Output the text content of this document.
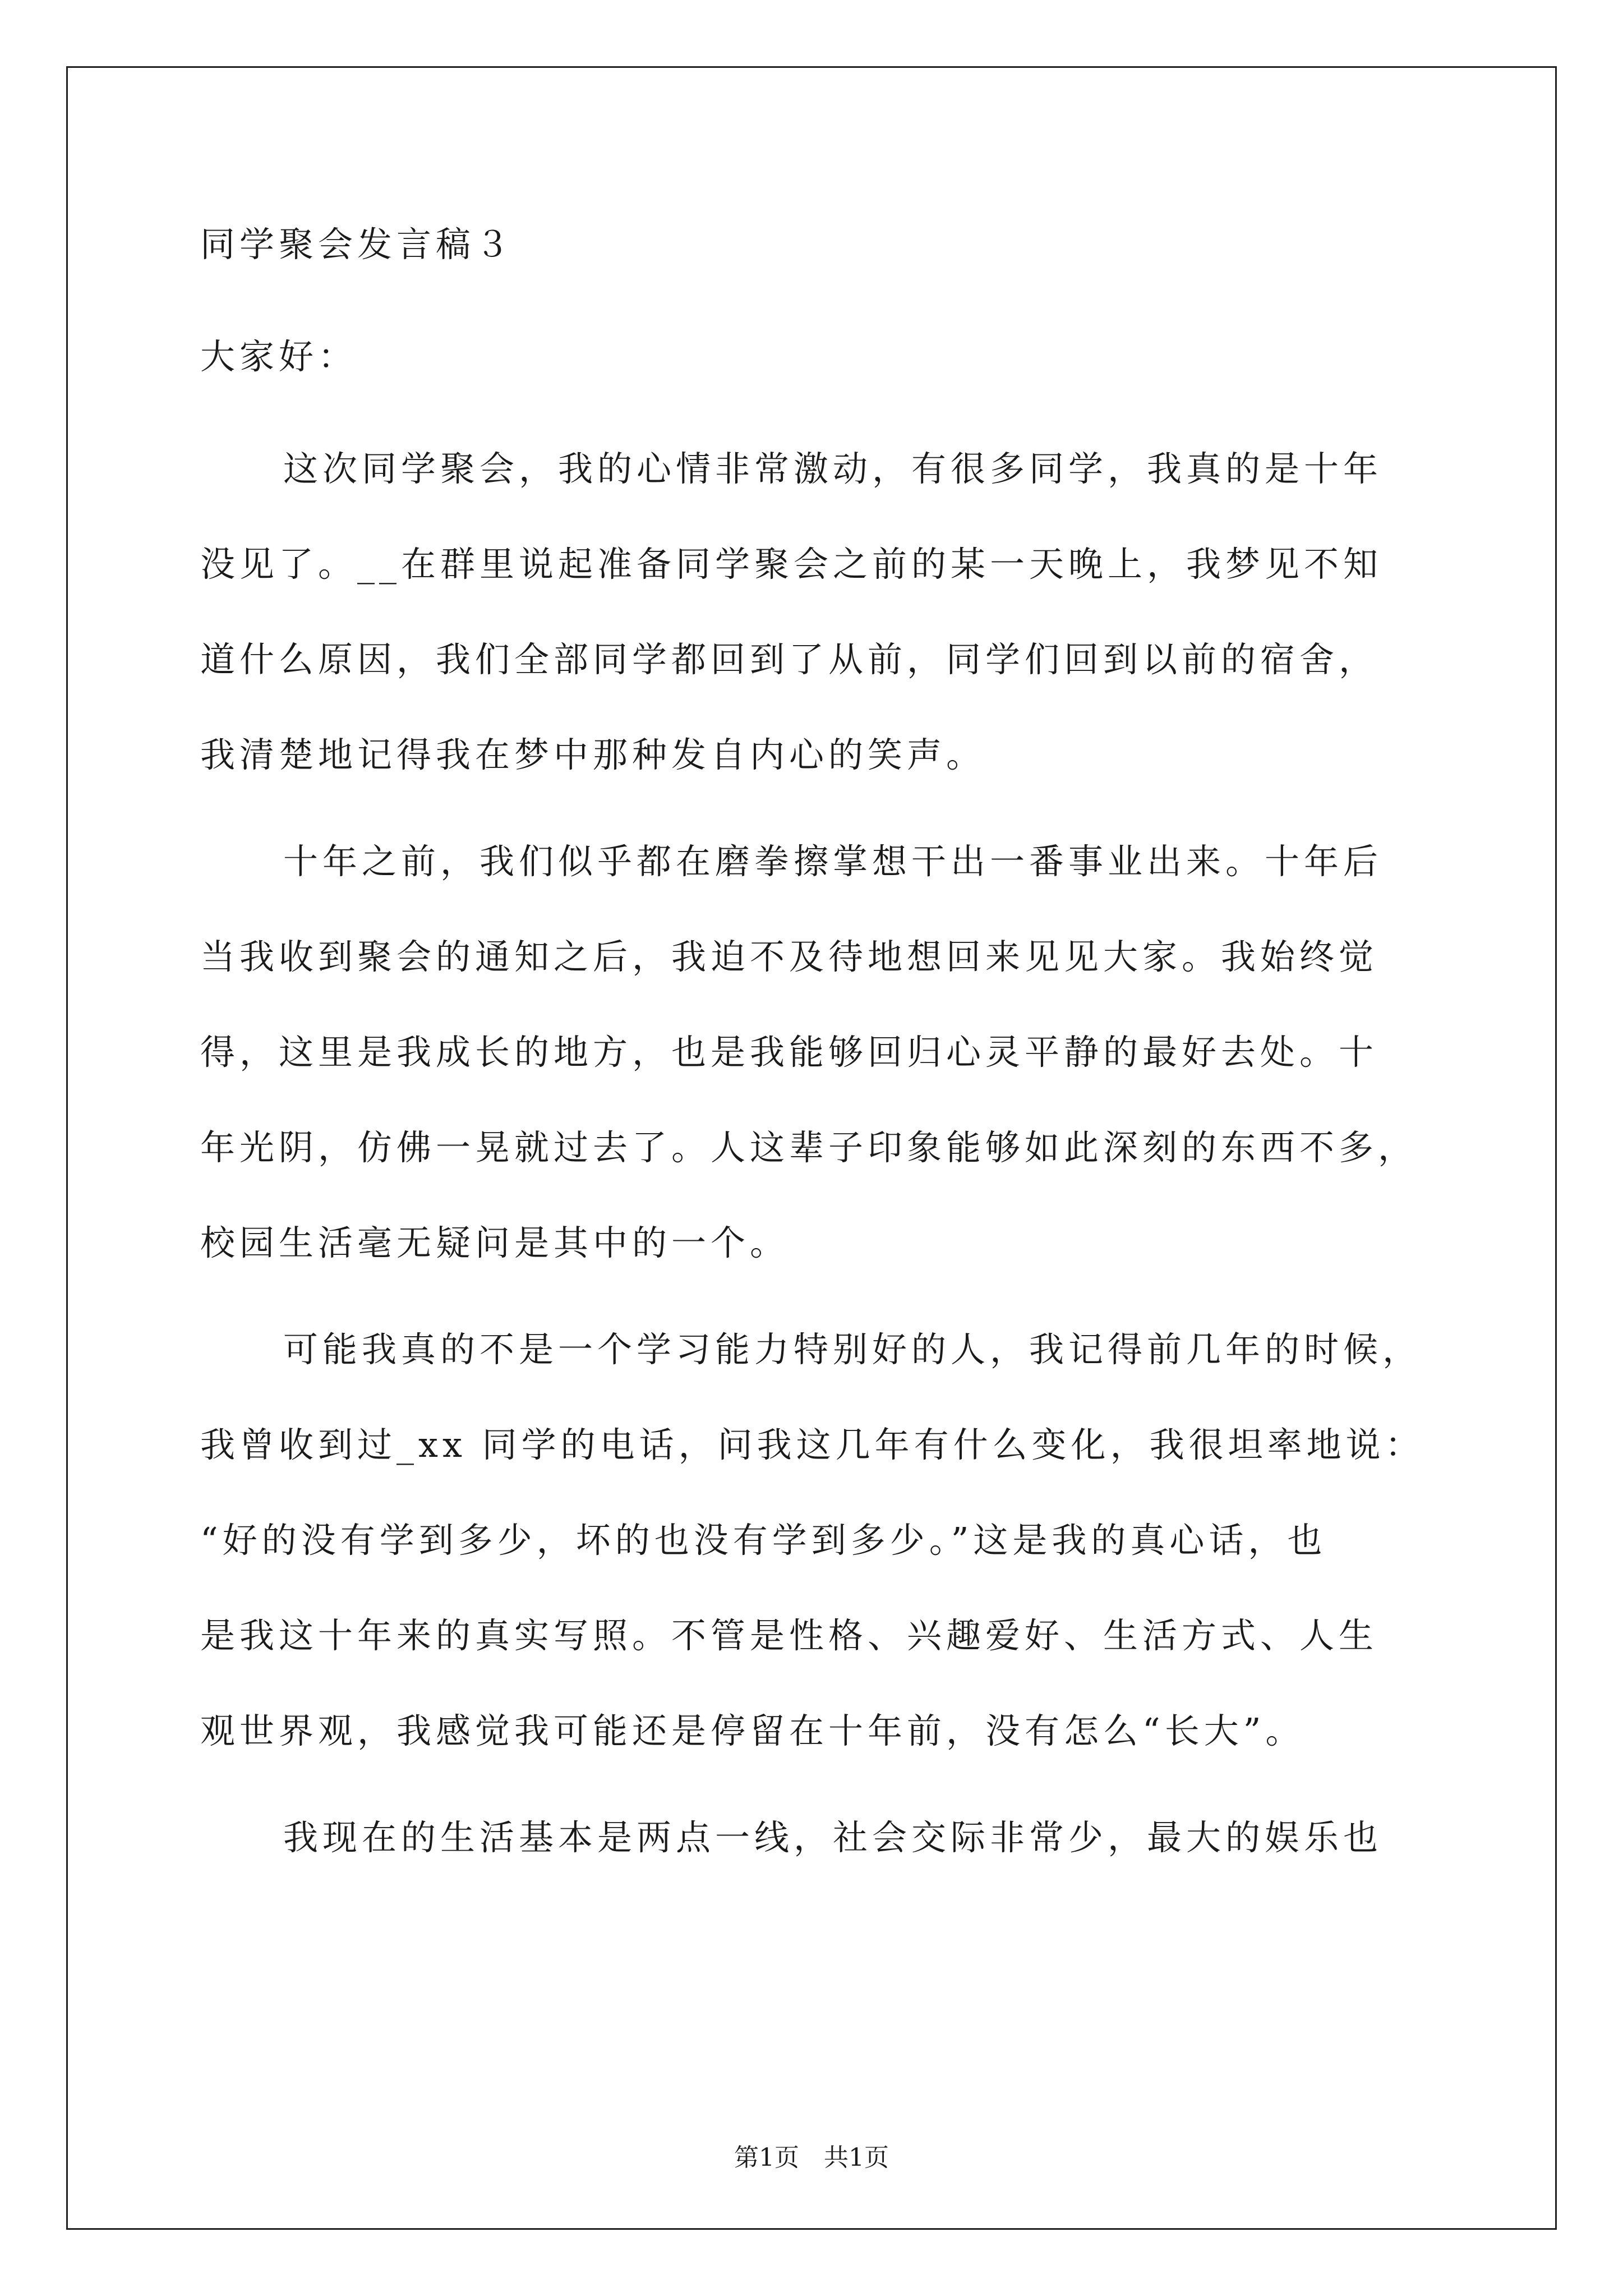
同学聚会发言稿３
大家好：
这次同学聚会，我的心情非常激动，有很多同学，我真的是十年
没见了。__在群里说起准备同学聚会之前的某一天晚上，我梦见不知
道什么原因，我们全部同学都回到了从前，同学们回到以前的宿舍，
我清楚地记得我在梦中那种发自内心的笑声。
十年之前，我们似乎都在磨拳擦掌想干出一番事业出来。十年后
当我收到聚会的通知之后，我迫不及待地想回来见见大家。我始终觉
得，这里是我成长的地方，也是我能够回归心灵平静的最好去处。十
年光阴，仿佛一晃就过去了。人这辈子印象能够如此深刻的东西不多，
校园生活毫无疑问是其中的一个。
可能我真的不是一个学习能力特别好的人，我记得前几年的时候，
我曾收到过_xx 同学的电话，问我这几年有什么变化，我很坦率地说：
“好的没有学到多少，坏的也没有学到多少。”这是我的真心话，也
是我这十年来的真实写照。不管是性格、兴趣爱好、生活方式、人生
观世界观，我感觉我可能还是停留在十年前，没有怎么“长大”。
我现在的生活基本是两点一线，社会交际非常少，最大的娱乐也
第1页　共1页
